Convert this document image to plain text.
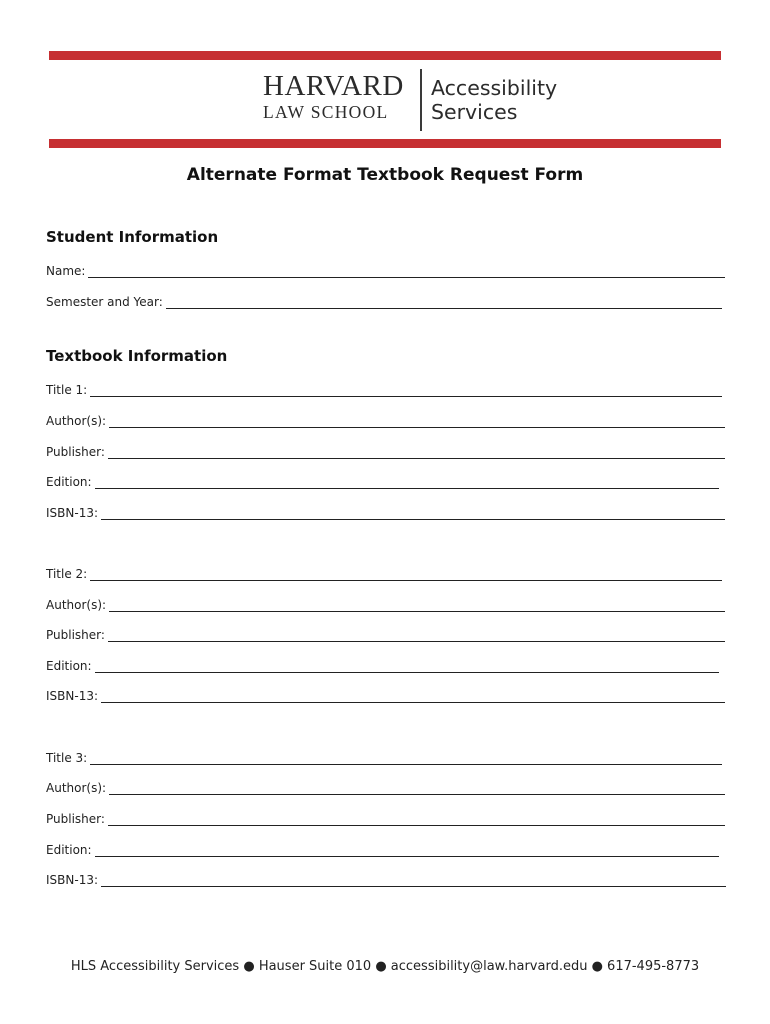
HARVARD
LAW SCHOOL
Accessibility
Services
Alternate Format Textbook Request Form
Student Information
Name:
Semester and Year:
Textbook Information
Title 1:
Author(s):
Publisher:
Edition:
ISBN-13:
Title 2:
Author(s):
Publisher:
Edition:
ISBN-13:
Title 3:
Author(s):
Publisher:
Edition:
ISBN-13:
HLS Accessibility Services ● Hauser Suite 010 ● accessibility@law.harvard.edu ● 617-495-8773
